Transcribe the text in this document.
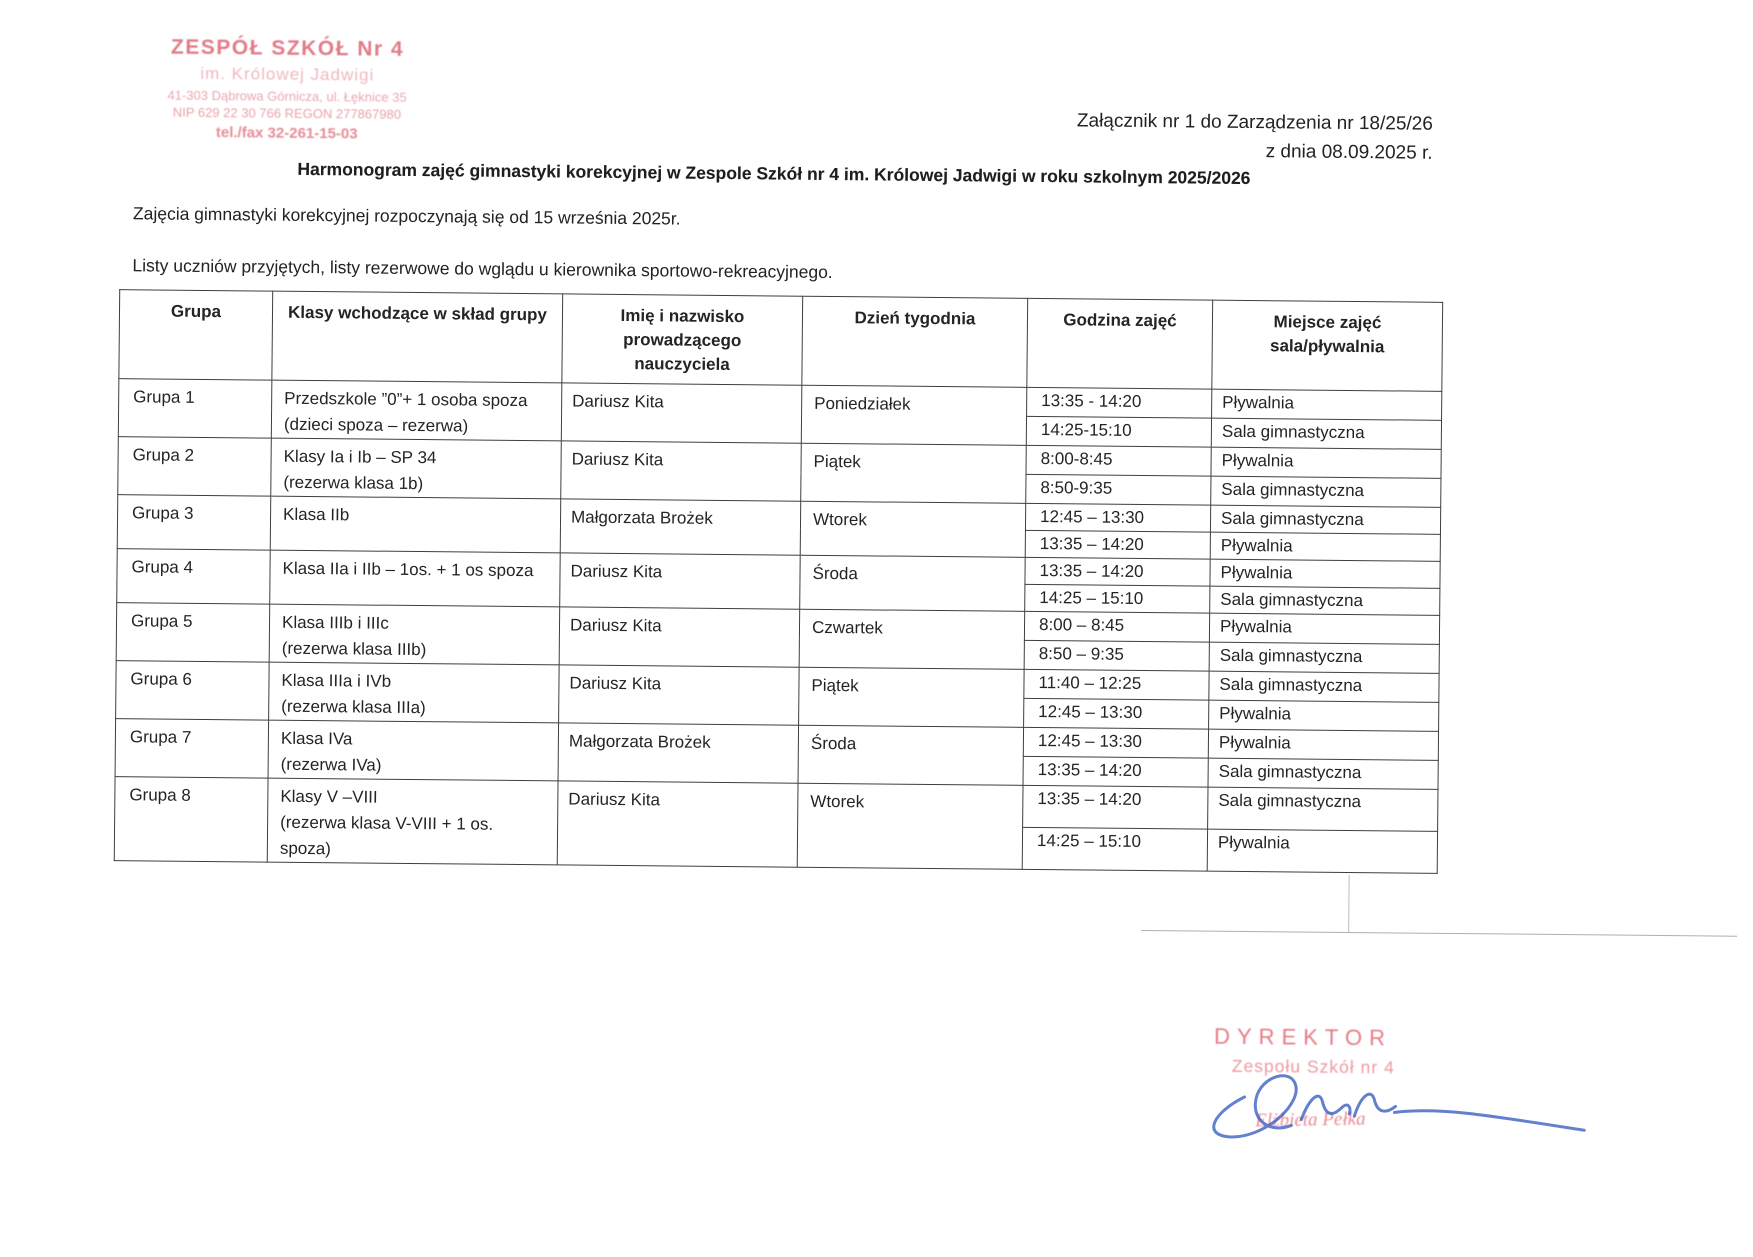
ZESPÓŁ SZKÓŁ Nr 4
im. Królowej Jadwigi
41-303 Dąbrowa Górnicza, ul. Łęknice 35
NIP 629 22 30 766 REGON 277867980
tel./fax 32-261-15-03	Załącznik nr 1 do Zarządzenia nr 18/25/26
z dnia 08.09.2025 r.
Harmonogram zajęć gimnastyki korekcyjnej w Zespole Szkół nr 4 im. Królowej Jadwigi w roku szkolnym 2025/2026
Zajęcia gimnastyki korekcyjnej rozpoczynają się od 15 września 2025r.
Listy uczniów przyjętych, listy rezerwowe do wglądu u kierownika sportowo-rekreacyjnego.
Grupa	Klasy wchodzące w skład grupy	Imię i nazwisko
prowadzącego
nauczyciela	Dzień tygodnia	Godzina zajęć	Miejsce zajęć
sala/pływalnia
Grupa 1	Przedszkole ”0”+ 1 osoba spoza
(dzieci spoza – rezerwa)	Dariusz Kita	Poniedziałek	13:35 - 14:20	Pływalnia
				14:25-15:10	Sala gimnastyczna
Grupa 2	Klasy Ia i Ib – SP 34
(rezerwa klasa 1b)	Dariusz Kita	Piątek	8:00-8:45	Pływalnia
				8:50-9:35	Sala gimnastyczna
Grupa 3	Klasa IIb	Małgorzata Brożek	Wtorek	12:45 – 13:30	Sala gimnastyczna
				13:35 – 14:20	Pływalnia
Grupa 4	Klasa IIa i IIb – 1os. + 1 os spoza	Dariusz Kita	Środa	13:35 – 14:20	Pływalnia
				14:25 – 15:10	Sala gimnastyczna
Grupa 5	Klasa IIIb i IIIc
(rezerwa klasa IIIb)	Dariusz Kita	Czwartek	8:00 – 8:45	Pływalnia
				8:50 – 9:35	Sala gimnastyczna
Grupa 6	Klasa IIIa i IVb
(rezerwa klasa IIIa)	Dariusz Kita	Piątek	11:40 – 12:25	Sala gimnastyczna
				12:45 – 13:30	Pływalnia
Grupa 7	Klasa IVa
(rezerwa IVa)	Małgorzata Brożek	Środa	12:45 – 13:30	Pływalnia
				13:35 – 14:20	Sala gimnastyczna
Grupa 8	Klasy V –VIII
(rezerwa klasa V-VIII + 1 os.
spoza)	Dariusz Kita	Wtorek	13:35 – 14:20	Sala gimnastyczna
				14:25 – 15:10	Pływalnia
DYREKTOR
Zespołu Szkół nr 4
Elżbieta Pełka
